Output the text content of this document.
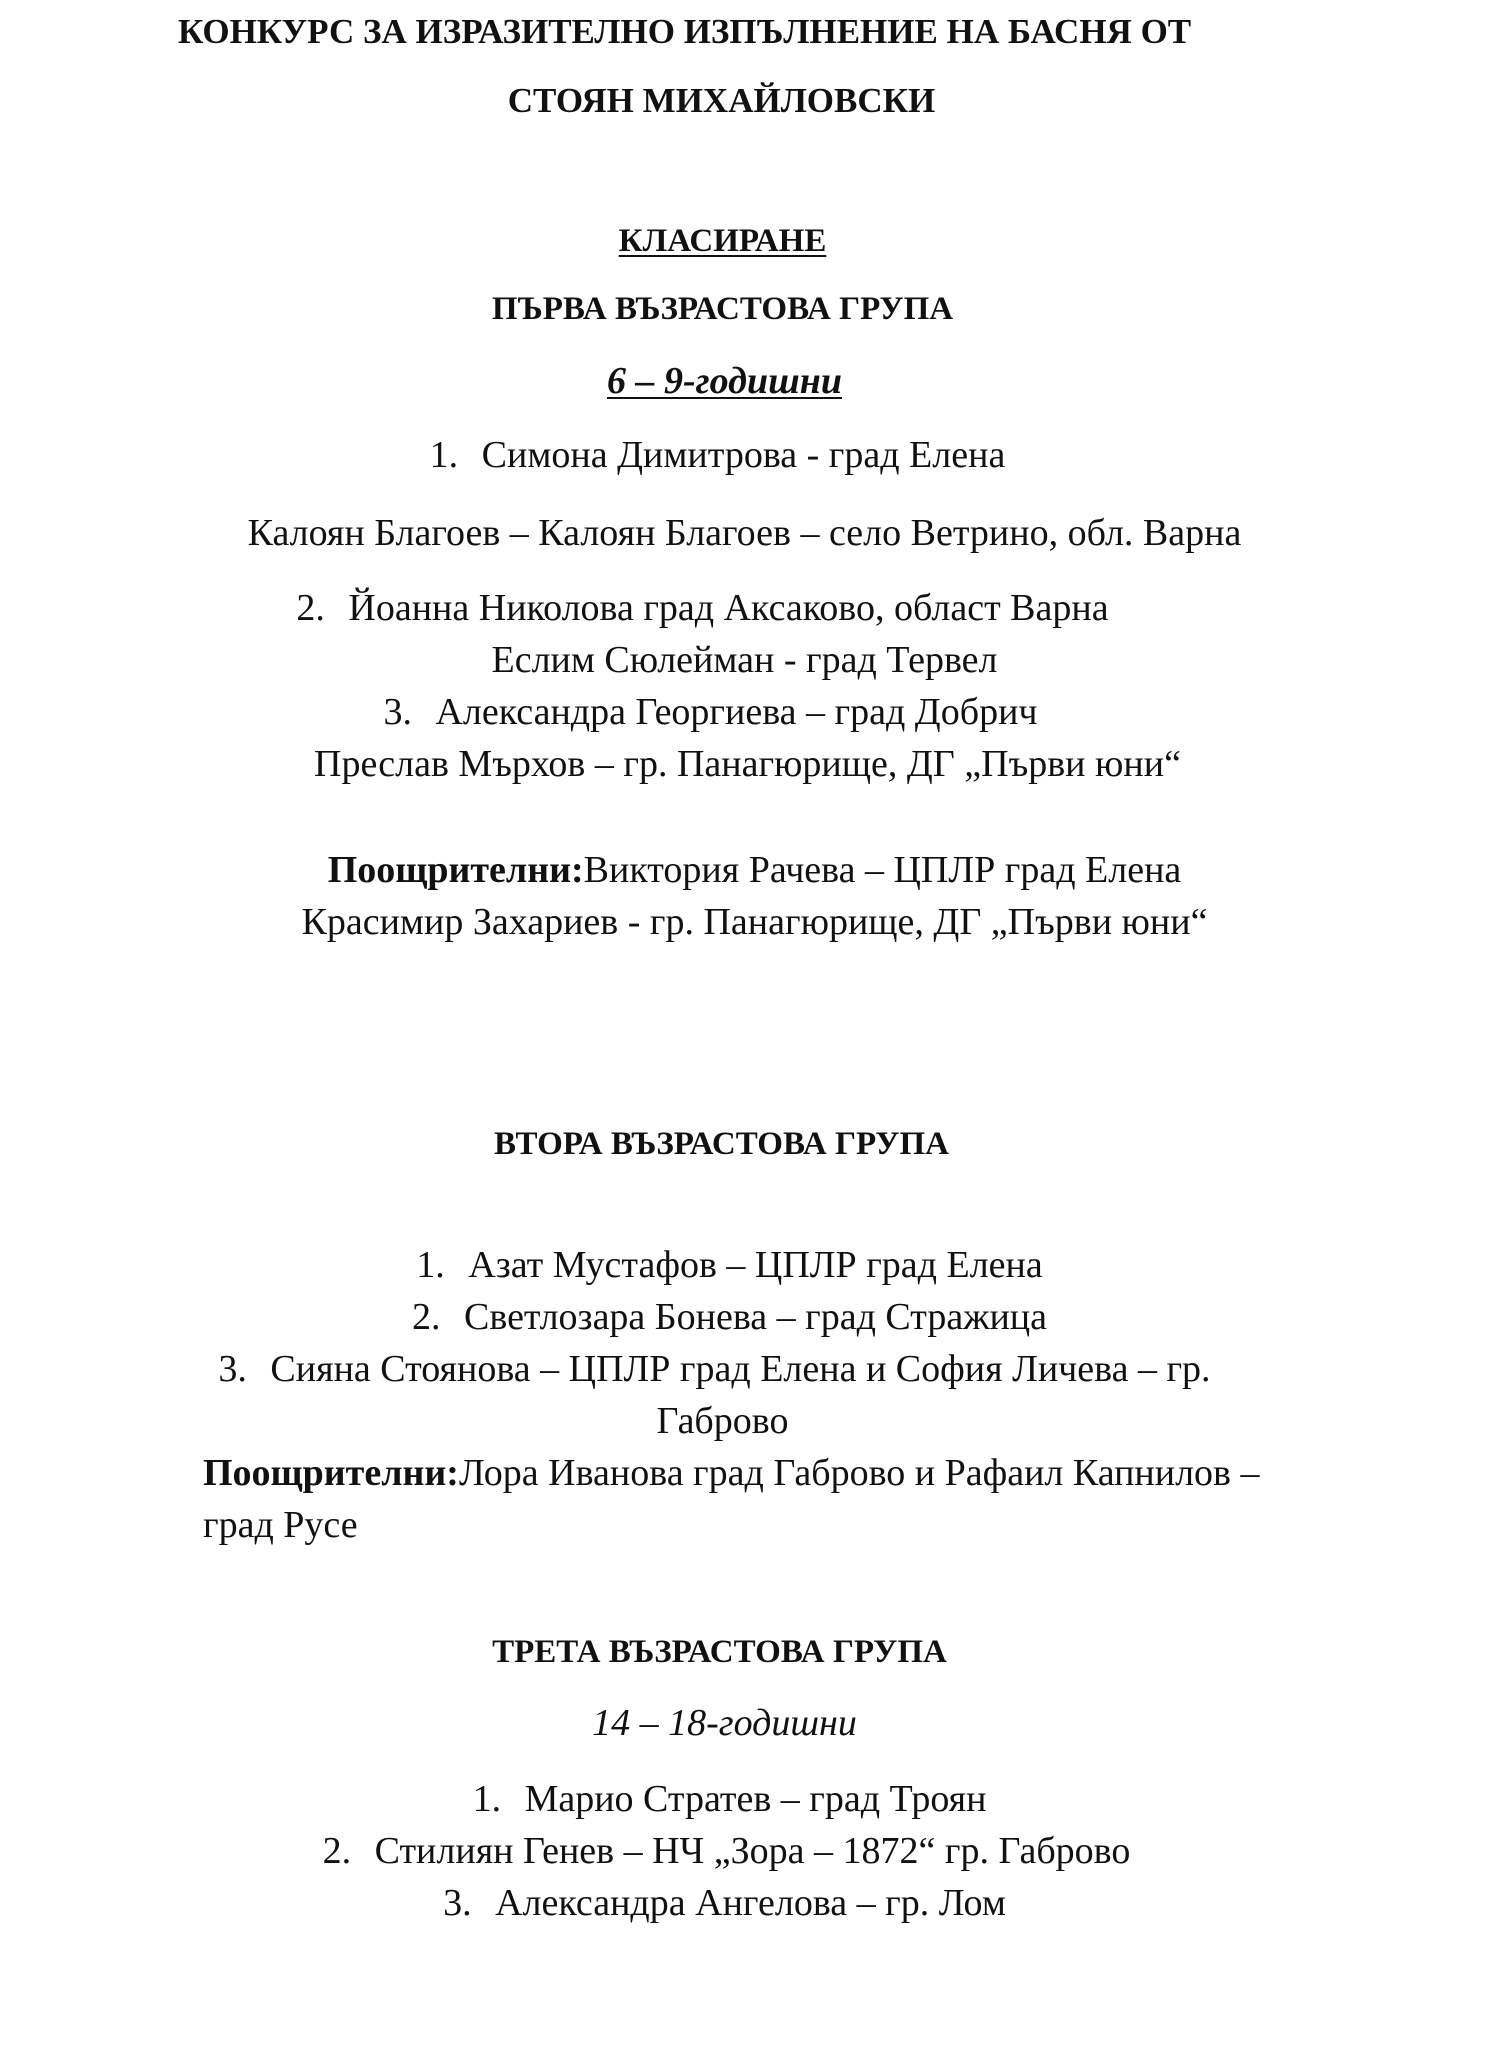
КОНКУРС ЗА ИЗРАЗИТЕЛНО ИЗПЪЛНЕНИЕ НА БАСНЯ ОТ
СТОЯН МИХАЙЛОВСКИ
КЛАСИРАНЕ
ПЪРВА ВЪЗРАСТОВА ГРУПА
6 – 9-годишни
1. Симона Димитрова - град Елена
Калоян Благоев – Калоян Благоев – село Ветрино, обл. Варна
2. Йоанна Николова град Аксаково, област Варна
Еслим Сюлейман - град Тервел
3. Александра Георгиева – град Добрич
Преслав Мърхов – гр. Панагюрище, ДГ „Първи юни“
Поощрителни:Виктория Рачева – ЦПЛР град Елена
Красимир Захариев - гр. Панагюрище, ДГ „Първи юни“
ВТОРА ВЪЗРАСТОВА ГРУПА
1. Азат Мустафов – ЦПЛР град Елена
2. Светлозара Бонева – град Стражица
3. Сияна Стоянова – ЦПЛР град Елена и София Личева – гр.
Габрово
Поощрителни:Лора Иванова град Габрово и Рафаил Капнилов –
град Русе
ТРЕТА ВЪЗРАСТОВА ГРУПА
14 – 18-годишни
1. Марио Стратев – град Троян
2. Стилиян Генев – НЧ „Зора – 1872“ гр. Габрово
3. Александра Ангелова – гр. Лом
